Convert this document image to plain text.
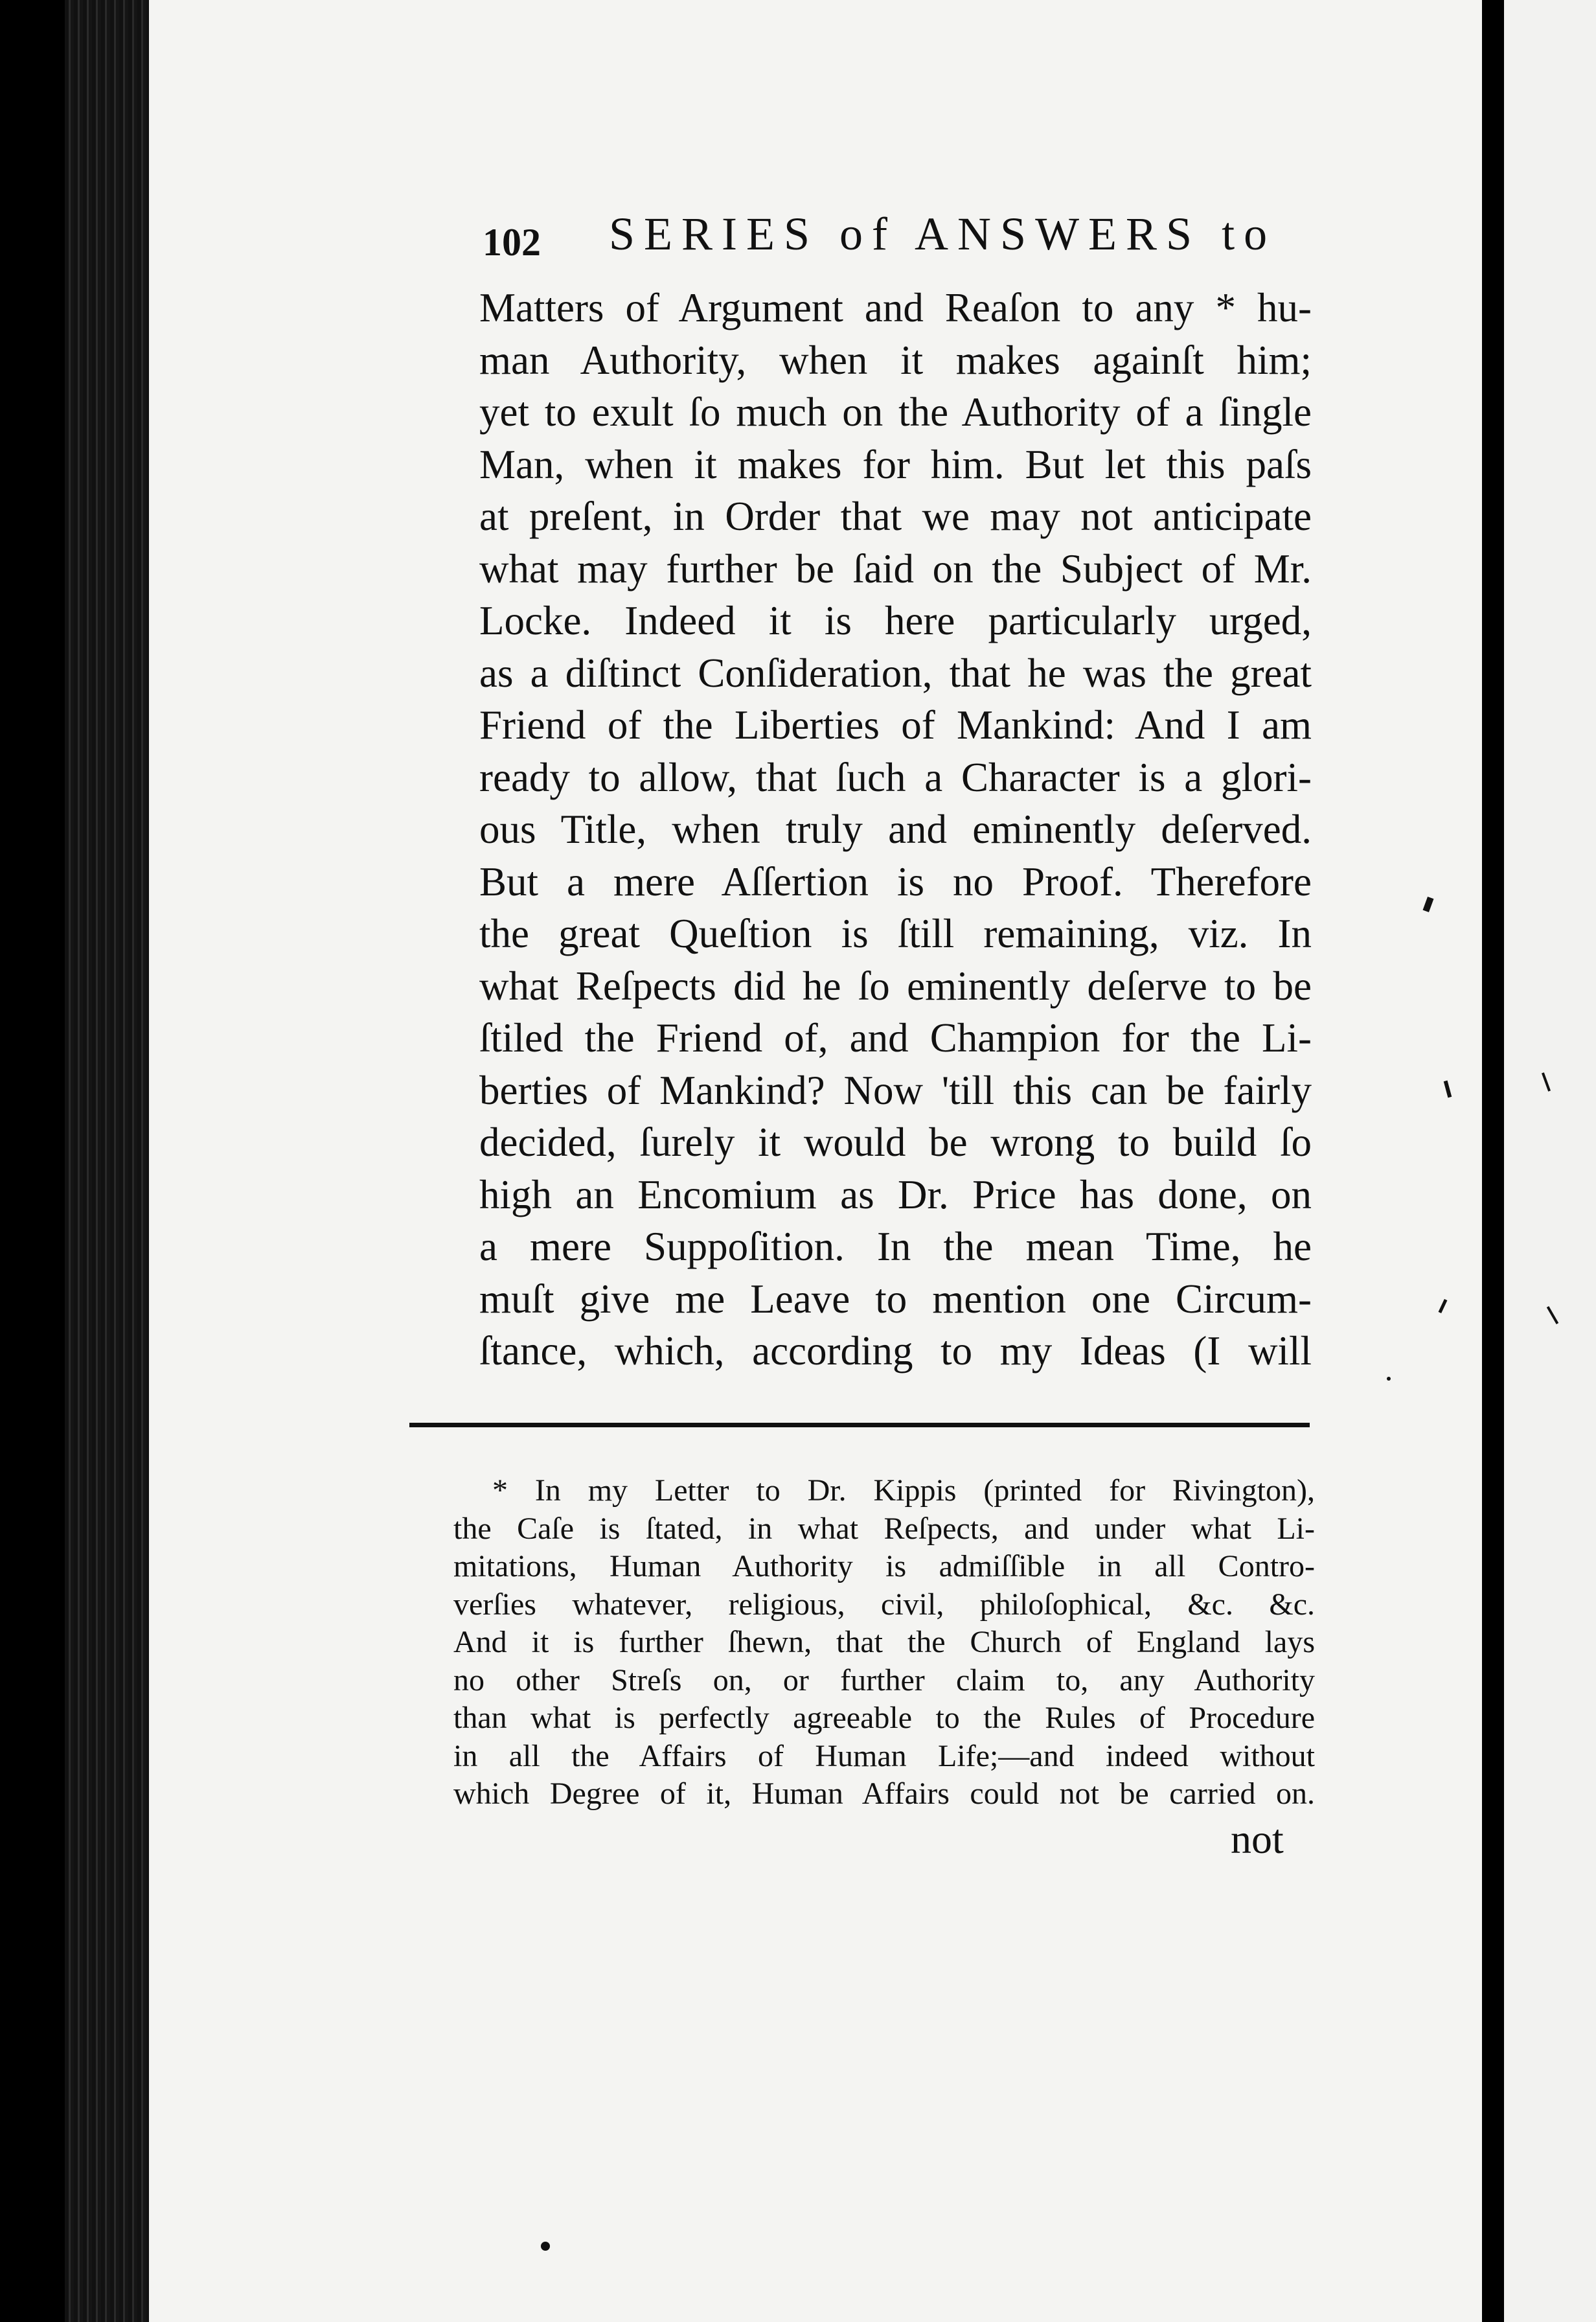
102 SERIES of ANSWERS to
Matters of Argument and Reaſon to any * hu-
man Authority, when it makes againſt him;
yet to exult ſo much on the Authority of a ſingle
Man, when it makes for him. But let this paſs
at preſent, in Order that we may not anticipate
what may further be ſaid on the Subject of Mr.
Locke. Indeed it is here particularly urged,
as a diſtinct Conſideration, that he was the great
Friend of the Liberties of Mankind: And I am
ready to allow, that ſuch a Character is a glori-
ous Title, when truly and eminently deſerved.
But a mere Aſſertion is no Proof. Therefore
the great Queſtion is ſtill remaining, viz. In
what Reſpects did he ſo eminently deſerve to be
ſtiled the Friend of, and Champion for the Li-
berties of Mankind? Now 'till this can be fairly
decided, ſurely it would be wrong to build ſo
high an Encomium as Dr. Price has done, on
a mere Suppoſition. In the mean Time, he
muſt give me Leave to mention one Circum-
ſtance, which, according to my Ideas (I will
* In my Letter to Dr. Kippis (printed for Rivington),
the Caſe is ſtated, in what Reſpects, and under what Li-
mitations, Human Authority is admiſſible in all Contro-
verſies whatever, religious, civil, philoſophical, &c. &c.
And it is further ſhewn, that the Church of England lays
no other Streſs on, or further claim to, any Authority
than what is perfectly agreeable to the Rules of Procedure
in all the Affairs of Human Life;—and indeed without
which Degree of it, Human Affairs could not be carried on.
not
